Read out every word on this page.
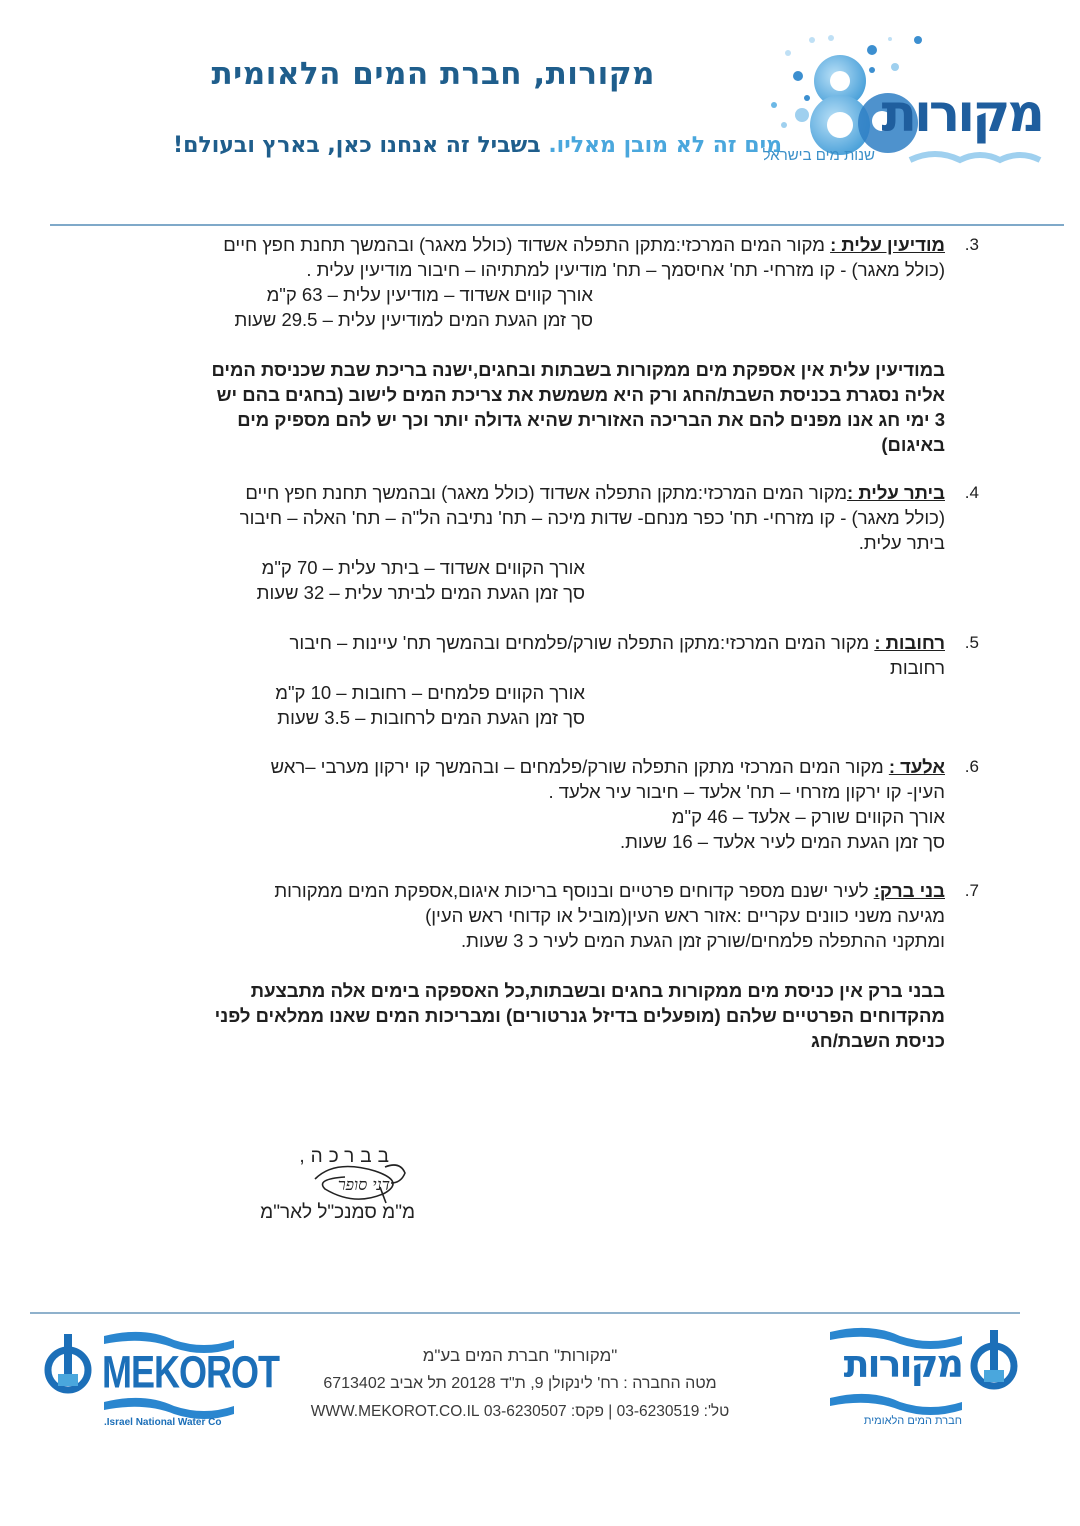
מקורות, חברת המים הלאומית
מים זה לא מובן מאליו. בשביל זה אנחנו כאן, בארץ ובעולם!
מקורות
שנות מים בישראל
3.
מודיעין עלית : מקור המים המרכזי:מתקן התפלה אשדוד (כולל מאגר) ובהמשך תחנת חפץ חיים
(כולל מאגר) - קו מזרחי- תח' אחיסמך – תח' מודיעין למתתיהו – חיבור מודיעין עלית .
אורך קווים אשדוד – מודיעין עלית – 63 ק"מ
סך זמן הגעת המים למודיעין עלית – 29.5 שעות
במודיעין עלית אין אספקת מים ממקורות בשבתות ובחגים,ישנה בריכת שבת שכניסת המים
אליה נסגרת בכניסת השבת/החג ורק היא משמשת את צריכת המים לישוב (בחגים בהם יש
3 ימי חג אנו מפנים להם את הבריכה האזורית שהיא גדולה יותר וכך יש להם מספיק מים
באיגום)
4.
ביתר עלית :מקור המים המרכזי:מתקן התפלה אשדוד (כולל מאגר) ובהמשך תחנת חפץ חיים
(כולל מאגר) - קו מזרחי- תח' כפר מנחם- שדות מיכה – תח' נתיבה הל"ה – תח' האלה – חיבור
ביתר עלית.
אורך הקווים אשדוד – ביתר עלית – 70 ק"מ
סך זמן הגעת המים לביתר עלית – 32 שעות
5.
רחובות : מקור המים המרכזי:מתקן התפלה שורק/פלמחים ובהמשך תח' עיינות – חיבור
רחובות
אורך הקווים פלמחים – רחובות – 10 ק"מ
סך זמן הגעת המים לרחובות – 3.5 שעות
6.
אלעד : מקור המים המרכזי מתקן התפלה שורק/פלמחים – ובהמשך קו ירקון מערבי –ראש
העין- קו ירקון מזרחי – תח' אלעד – חיבור עיר אלעד .
אורך הקווים שורק – אלעד – 46 ק"מ
סך זמן הגעת המים לעיר אלעד – 16 שעות.
7.
בני ברק: לעיר ישנם מספר קדוחים פרטיים ובנוסף בריכות איגום,אספקת המים ממקורות
מגיעה משני כוונים עקריים :אזור ראש העין(מוביל או קדוחי ראש העין)
ומתקני ההתפלה פלמחים/שורק זמן הגעת המים לעיר כ 3 שעות.
בבני ברק אין כניסת מים ממקורות בחגים ובשבתות,כל האספקה בימים אלה מתבצעת
מהקדוחים הפרטיים שלהם (מופעלים בדיזל גנרטורים) ומבריכות המים שאנו ממלאים לפני
כניסת השבת/חג
בברכה,
דני סופר
מ"מ סמנכ"ל לאר"מ
MEKOROT
Israel National Water Co.
"מקורות" חברת המים בע"מ
מטה החברה : רח' לינקולן 9, ת"ד 20128 תל אביב 6713402
טל': 03-6230519 | פקס: 03-6230507 WWW.MEKOROT.CO.IL
מקורות
חברת המים הלאומית
